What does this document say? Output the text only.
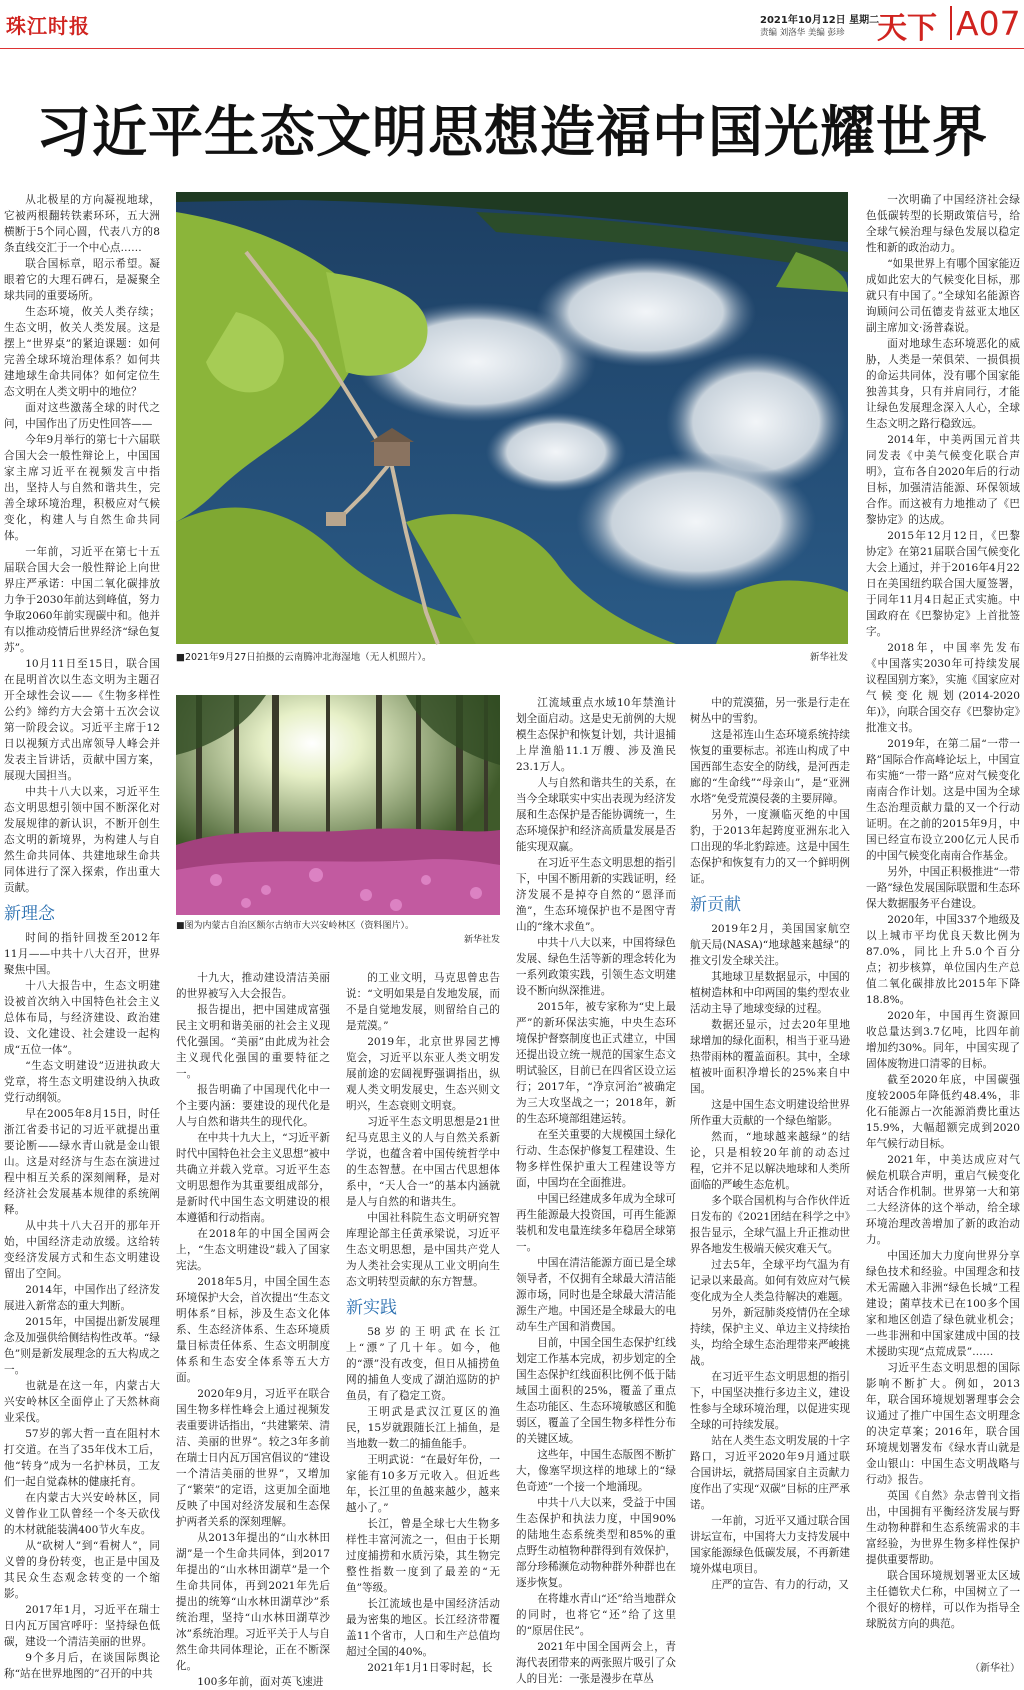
珠江时报	2021年10月12日 星期二
责编 刘洛华 美编 彭珍 天下 A07
习近平生态文明思想造福中国光耀世界
■2021年9月27日拍摄的云南腾冲北海湿地（无人机照片）。	新华社发
■图为内蒙古自治区额尔古纳市大兴安岭林区（资料图片）。
新华社发

从北极星的方向凝视地球，它被两根翻转铁素环环，五大洲横断于5个同心圆，代表八方的8条直线交汇于一个中心点……

联合国标章，昭示希望。凝眼着它的大理石碑石，是凝聚全球共同的重要场所。

生态环境，攸关人类存续；生态文明，攸关人类发展。这是摆上“世界桌”的紧迫课题：如何完善全球环境治理体系？如何共建地球生命共同体？如何定位生态文明在人类文明中的地位？

面对这些激荡全球的时代之问，中国作出了历史性回答——

今年9月举行的第七十六届联合国大会一般性辩论上，中国国家主席习近平在视频发言中指出，坚持人与自然和谐共生，完善全球环境治理，积极应对气候变化，构建人与自然生命共同体。

一年前，习近平在第七十五届联合国大会一般性辩论上向世界庄严承诺：中国二氧化碳排放力争于2030年前达到峰值，努力争取2060年前实现碳中和。他并有以推动疫情后世界经济“绿色复苏”。

10月11日至15日，联合国在昆明首次以生态文明为主题召开全球性会议——《生物多样性公约》缔约方大会第十五次会议第一阶段会议。习近平主席于12日以视频方式出席领导人峰会并发表主旨讲话，贡献中国方案，展现大国担当。

中共十八大以来，习近平生态文明思想引领中国不断深化对发展规律的新认识，不断开创生态文明的新境界，为构建人与自然生命共同体、共建地球生命共同体进行了深入探索，作出重大贡献。

新理念

时间的指针回拨至2012年11月——中共十八大召开，世界聚焦中国。

十八大报告中，生态文明建设被首次纳入中国特色社会主义总体布局，与经济建设、政治建设、文化建设、社会建设一起构成“五位一体”。

“生态文明建设”迈进执政大党章，将生态文明建设纳入执政党行动纲领。

早在2005年8月15日，时任浙江省委书记的习近平就提出重要论断——绿水青山就是金山银山。这是对经济与生态在演进过程中相互关系的深刻阐释，是对经济社会发展基本规律的系统阐释。

从中共十八大召开的那年开始，中国经济走动放缓。这给转变经济发展方式和生态文明建设留出了空间。

2014年，中国作出了经济发展进入新常态的重大判断。

2015年，中国提出新发展理念及加强供给侧结构性改革。“绿色”则是新发展理念的五大构成之一。

也就是在这一年，内蒙古大兴安岭林区全面停止了天然林商业采伐。

57岁的郭大哲一直在阻村木打交道。在当了35年伐木工后，他“转身”成为一名护林员，工友们一起自觉森林的健康托育。

在内蒙古大兴安岭林区，同义曾作业工队曾经一个冬天砍伐的木材就能装满400节火车皮。

从“砍树人”到“看树人”，同义曾的身份转变，也正是中国及其民众生态观念转变的一个缩影。

2017年1月，习近平在瑞士日内瓦万国宫呼吁：坚持绿色低碳，建设一个清洁美丽的世界。

9个多月后，在谈国际舆论称“站在世界地图的”召开的中共

十九大，推动建设清洁美丽的世界被写入大会报告。

报告提出，把中国建成富强民主文明和谐美丽的社会主义现代化强国。“美丽”由此成为社会主义现代化强国的重要特征之一。

报告明确了中国现代化中一个主要内涵：要建设的现代化是人与自然和谐共生的现代化。

在中共十九大上，“习近平新时代中国特色社会主义思想”被中共确立并载入党章。习近平生态文明思想作为其重要组成部分，是新时代中国生态文明建设的根本遵循和行动指南。

在2018年的中国全国两会上，“生态文明建设”载入了国家宪法。

2018年5月，中国全国生态环境保护大会，首次提出“生态文明体系”目标，涉及生态文化体系、生态经济体系、生态环境质量目标责任体系、生态文明制度体系和生态安全体系等五大方面。

2020年9月，习近平在联合国生物多样性峰会上通过视频发表重要讲话指出，“共建繁荣、清洁、美丽的世界”。较之3年多前在瑞士日内瓦万国宫倡议的“建设一个清洁美丽的世界”，又增加了“繁荣”的定语，这更加全面地反映了中国对经济发展和生态保护两者关系的深刻理解。

从2013年提出的“山水林田湖”是一个生命共同体，到2017年提出的“山水林田湖草”是一个生命共同体，再到2021年先后提出的统筹“山水林田湖草沙”系统治理，坚持“山水林田湖草沙冰”系统治理。习近平关于人与自然生命共同体理论，正在不断深化。

100多年前，面对英飞速进

的工业文明，马克思曾忠告说：“文明如果是自发地发展，而不是自觉地发展，则留给自己的是荒漠。”

2019年，北京世界园艺博览会，习近平以东亚人类文明发展前途的宏阔视野强调指出，纵观人类文明发展史，生态兴则文明兴，生态衰则文明衰。

习近平生态文明思想是21世纪马克思主义的人与自然关系新学说，也蕴含着中国传统哲学中的生态智慧。在中国古代思想体系中，“天人合一”的基本内涵就是人与自然的和谐共生。

中国社科院生态文明研究智库理论部主任黄承梁说，习近平生态文明思想，是中国共产党人为人类社会实现从工业文明向生态文明转型贡献的东方智慧。

新实践

58岁的王明武在长江上“漂”了几十年。如今，他的“漂”没有改变，但日从捕捞鱼网的捕鱼人变成了湖泊巡防的护鱼员，有了稳定工资。

王明武是武汉江夏区的渔民，15岁就跟随长江上捕鱼，是当地数一数二的捕鱼能手。

王明武说：“在最好年份，一家能有10多万元收入。但近些年，长江里的鱼越来越少，越来越小了。”

长江，曾是全球七大生物多样性丰富河流之一，但由于长期过度捕捞和水质污染，其生物完整性指数一度到了最差的“无鱼”等级。

长江流域也是中国经济活动最为密集的地区。长江经济带覆盖11个省市，人口和生产总值均超过全国的40%。

2021年1月1日零时起，长

江流域重点水域10年禁渔计划全面启动。这是史无前例的大规模生态保护和恢复计划，共计退捕上岸渔船11.1万艘、涉及渔民23.1万人。

人与自然和谐共生的关系，在当今全球联实中实出表现为经济发展和生态保护是否能协调统一，生态环境保护和经济高质量发展是否能实现双赢。

在习近平生态文明思想的指引下，中国不断用新的实践证明，经济发展不是掉夺自然的“恩泽而渔”，生态环境保护也不是图守青山的“缘木求鱼”。

中共十八大以来，中国将绿色发展、绿色生活等新的理念转化为一系列政策实践，引领生态文明建设不断向纵深推进。

2015年，被专家称为“史上最严”的新环保法实施，中央生态环境保护督察制度也正式建立，中国还提出设立统一规范的国家生态文明试验区，目前已在四省区设立运行；2017年，“净京河治”被确定为三大攻坚战之一；2018年，新的生态环境部组建运转。

在至关重要的大规模国土绿化行动、生态保护修复工程建设、生物多样性保护重大工程建设等方面，中国均在全面推进。

中国已经建成多年成为全球可再生能源最大投资国，可再生能源装机和发电量连续多年稳居全球第一。

中国在清洁能源方面已是全球领导者，不仅拥有全球最大清洁能源市场，同时也是全球最大清洁能源生产地。中国还是全球最大的电动车生产国和消费国。

目前，中国全国生态保护红线划定工作基本完成，初步划定的全国生态保护红线面积比例不低于陆域国土面积的25%，覆盖了重点生态功能区、生态环境敏感区和脆弱区，覆盖了全国生物多样性分布的关键区域。

这些年，中国生态版图不断扩大，像塞罕坝这样的地球上的“绿色奇迹”一个接一个地涌现。

中共十八大以来，受益于中国生态保护和执法力度，中国90%的陆地生态系统类型和85%的重点野生动植物种群得到有效保护，部分珍稀濒危动物种群外种群也在逐步恢复。

在将雄水青山“还”给当地群众的同时，也将它“还”给了这里的“原居住民”。

2021年中国全国两会上，青海代表团带来的两张照片吸引了众人的目光：一张是漫步在草丛

中的荒漠猫，另一张是行走在树丛中的雪豹。

这是祁连山生态环境系统持续恢复的重要标志。祁连山构成了中国西部生态安全的防线，是河西走廊的“生命线”“母亲山”，是“亚洲水塔”免受荒漠侵袭的主要屏障。

另外，一度濒临灭绝的中国豹，于2013年起跨度亚洲东北入口出现的华北豹踪迹。这是中国生态保护和恢复有力的又一个鲜明例证。

新贡献

2019年2月，美国国家航空航天局(NASA)“地球越来越绿”的推文引发全球关注。

其地球卫星数据显示，中国的植树造林和中印两国的集约型农业活动主导了地球变绿的过程。

数据还显示，过去20年里地球增加的绿化面积，相当于亚马逊热带雨林的覆盖面积。其中，全球植被叶面积净增长的25%来自中国。

这是中国生态文明建设给世界所作重大贡献的一个绿色缩影。

然而，“地球越来越绿”的结论，只是相较20年前的动态过程，它并不足以解决地球和人类所面临的严峻生态危机。

多个联合国机构与合作伙伴近日发布的《2021团结在科学之中》报告显示，全球气温上升正推动世界各地发生极端天候灾难天气。

过去5年，全球平均气温为有记录以来最高。如何有效应对气候变化成为全人类急待解决的难题。

另外，新冠肺炎疫情仍在全球持续，保护主义、单边主义持续抬头，均给全球生态治理带来严峻挑战。

在习近平生态文明思想的指引下，中国坚决推行多边主义，建设性参与全球环境治理，以促进实现全球的可持续发展。

站在人类生态文明发展的十字路口，习近平2020年9月通过联合国讲坛，就搭局国家自主贡献力度作出了实现“双碳”目标的庄严承诺。

一年前，习近平又通过联合国讲坛宣布，中国将大力支持发展中国家能源绿色低碳发展，不再新建境外煤电项目。

庄严的宣告、有力的行动，又

一次明确了中国经济社会绿色低碳转型的长期政策信号，给全球气候治理与绿色发展以稳定性和新的政治动力。

“如果世界上有哪个国家能迈成如此宏大的气候变化目标，那就只有中国了。”全球知名能源咨询顾问公司伍德麦肯兹亚太地区副主席加文·汤普森说。

面对地球生态环境恶化的威胁，人类是一荣俱荣、一损俱损的命运共同体，没有哪个国家能独善其身，只有并肩同行，才能让绿色发展理念深入人心，全球生态文明之路行稳致远。

2014年，中美两国元首共同发表《中美气候变化联合声明》，宣布各自2020年后的行动目标，加强清洁能源、环保领域合作。而这被有力地推动了《巴黎协定》的达成。

2015年12月12日，《巴黎协定》在第21届联合国气候变化大会上通过，并于2016年4月22日在美国纽约联合国大厦签署，于同年11月4日起正式实施。中国政府在《巴黎协定》上首批签字。

2018年，中国率先发布《中国落实2030年可持续发展议程国别方案》，实施《国家应对气候变化规划(2014-2020年)》，向联合国交存《巴黎协定》批准文书。

2019年，在第二届“一带一路”国际合作高峰论坛上，中国宣布实施“一带一路”应对气候变化南南合作计划。这是中国为全球生态治理贡献力量的又一个行动证明。在之前的2015年9月，中国已经宣布设立200亿元人民币的中国气候变化南南合作基金。

另外，中国正积极推进“一带一路”绿色发展国际联盟和生态环保大数据服务平台建设。

2020年，中国337个地级及以上城市平均优良天数比例为87.0%，同比上升5.0个百分点；初步核算，单位国内生产总值二氧化碳排放比2015年下降18.8%。

2020年，中国再生资源回收总量达到3.7亿吨，比四年前增加约30%。同年，中国实现了固体废物进口清零的目标。

截至2020年底，中国碳强度较2005年降低约48.4%，非化石能源占一次能源消费比重达15.9%，大幅超额完成到2020年气候行动目标。

2021年，中美达成应对气候危机联合声明，重启气候变化对话合作机制。世界第一大和第二大经济体的这个举动，给全球环境治理改善增加了新的政治动力。

中国还加大力度向世界分享绿色技术和经验。中国理念和技术无需融入非洲“绿色长城”工程建设；菌草技术已在100多个国家和地区创造了绿色就业机会；一些非洲和中国家建成中国的技术援助实现“点荒成景”……

习近平生态文明思想的国际影响不断扩大。例如，2013年，联合国环境规划署理事会会议通过了推广中国生态文明理念的决定草案；2016年，联合国环境规划署发布《绿水青山就是金山银山：中国生态文明战略与行动》报告。

英国《自然》杂志曾刊文指出，中国拥有平衡经济发展与野生动物种群和生态系统需求的丰富经验，为世界生物多样性保护提供重要帮助。

联合国环境规划署亚太区域主任德钦犬仁称，中国树立了一个很好的榜样，可以作为指导全球脱贫方向的典范。

（新华社）
